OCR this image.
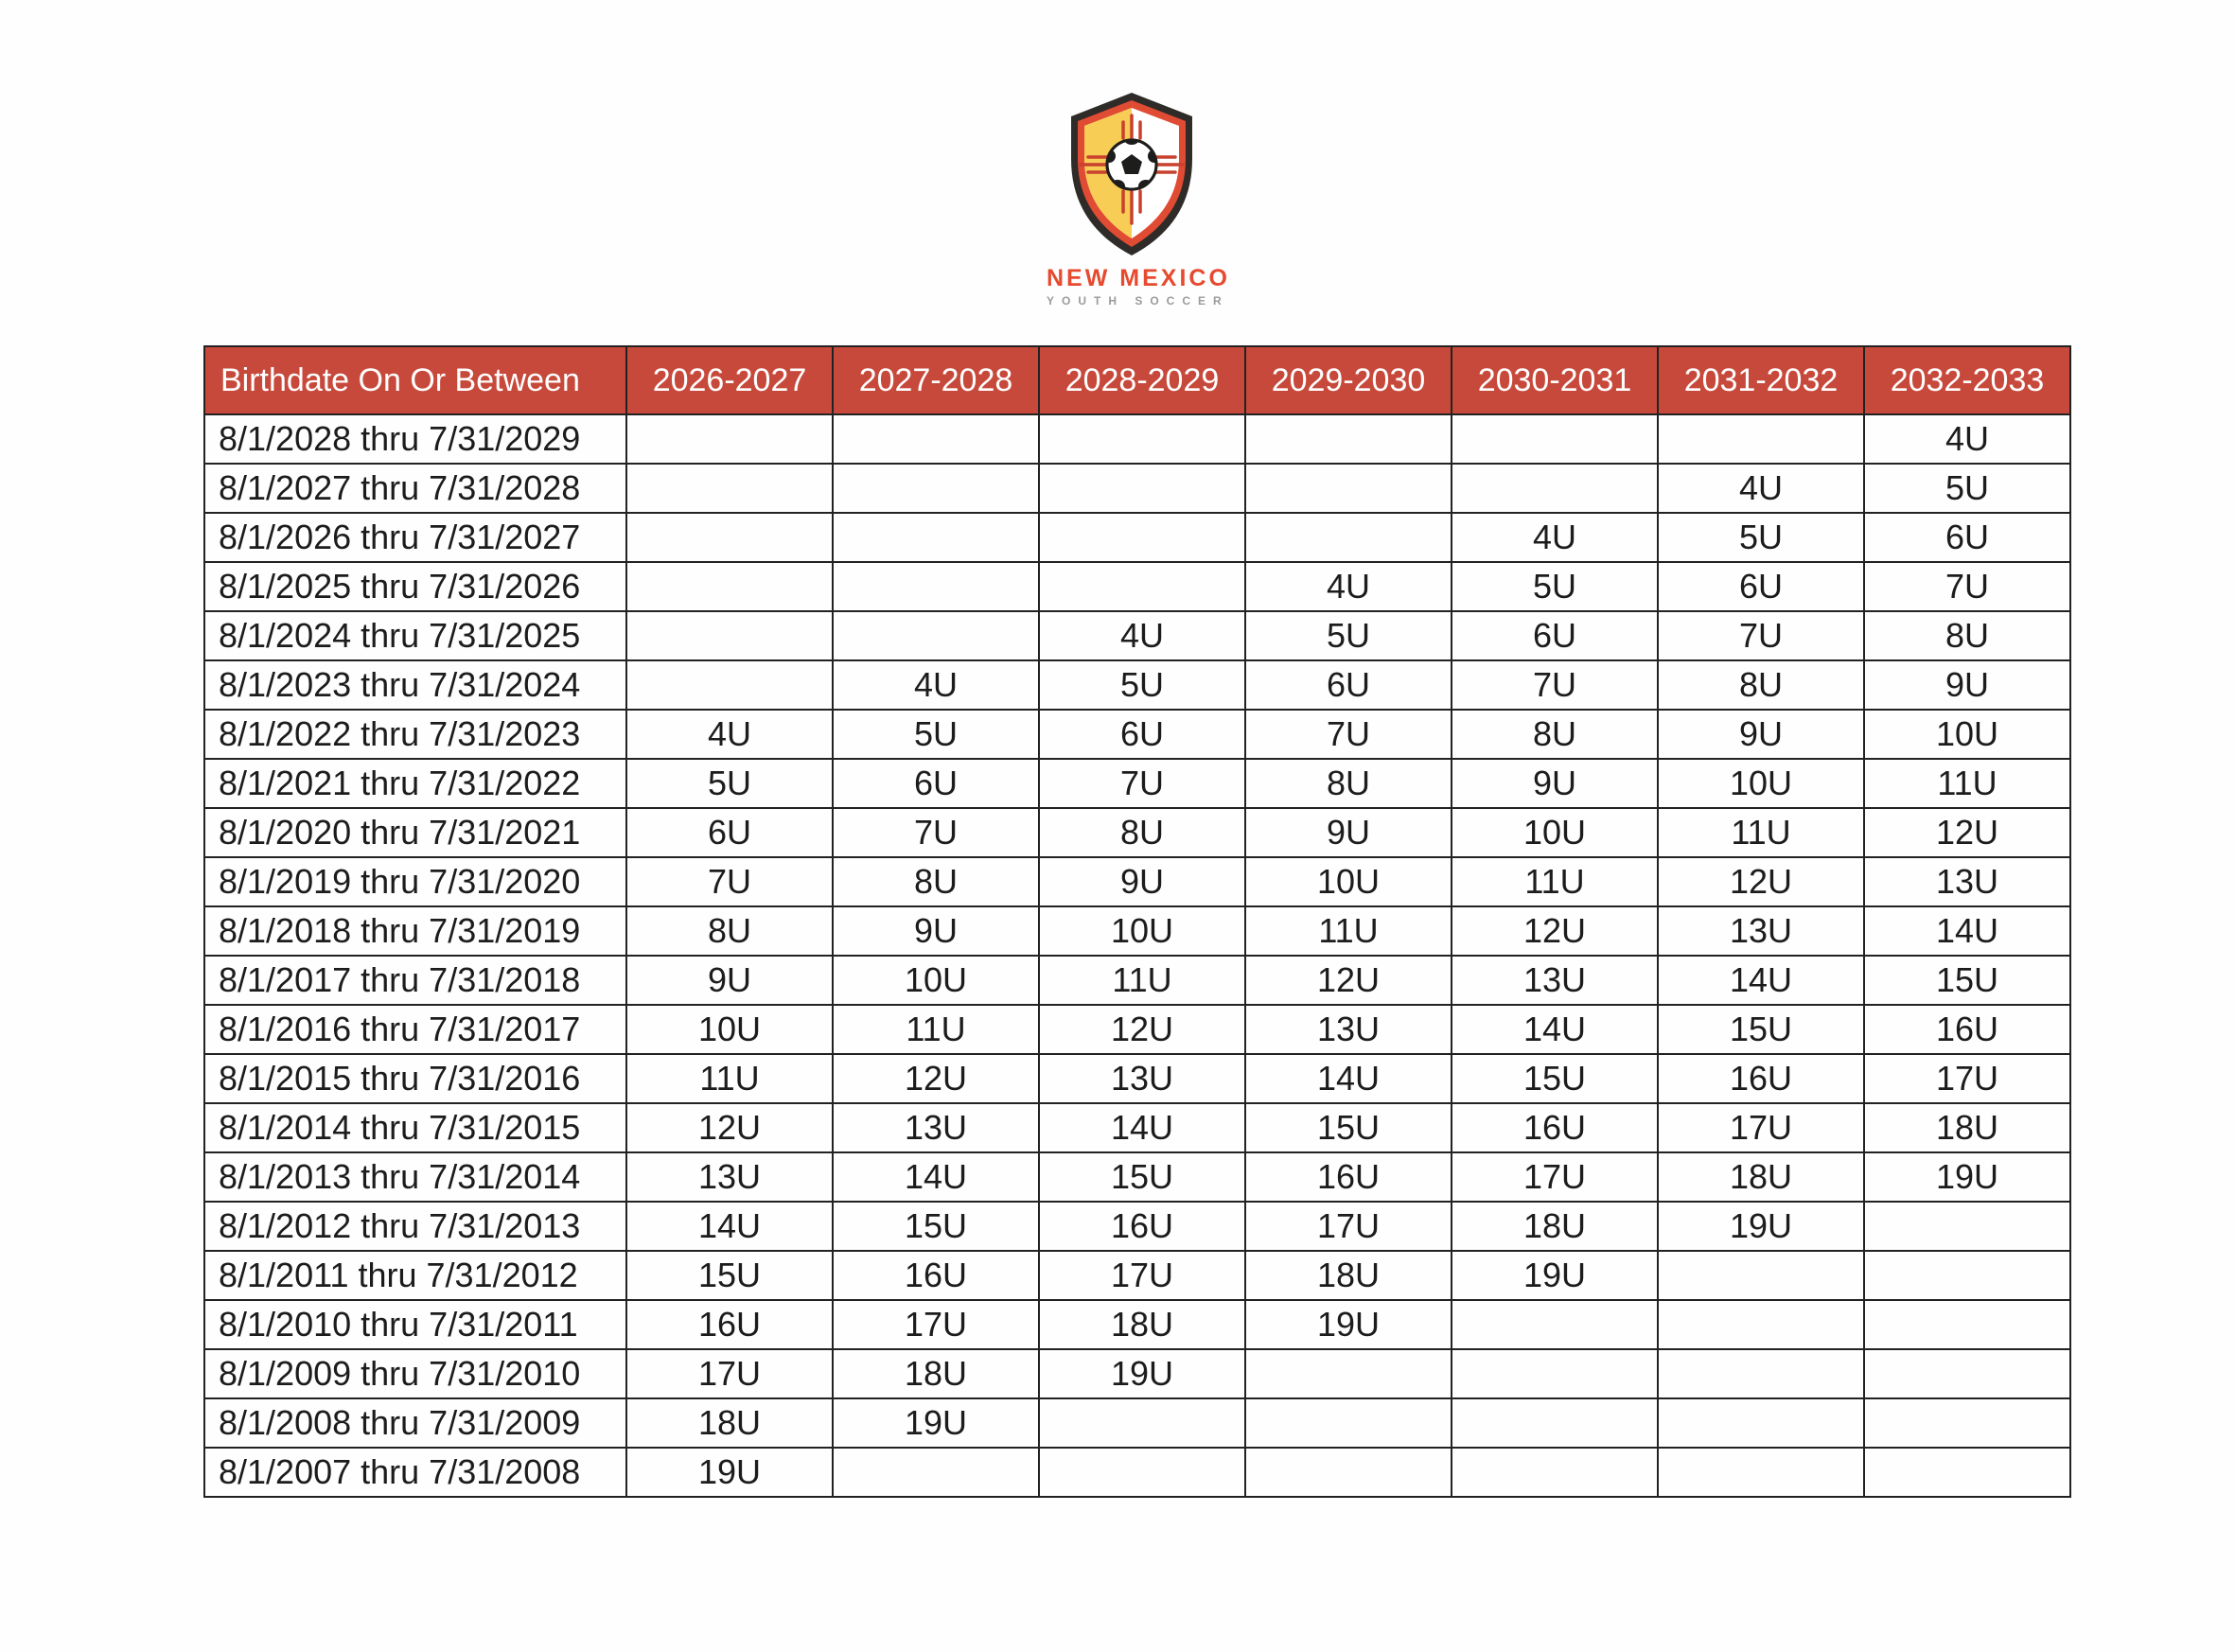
NEW MEXICO
YOUTH SOCCER
Birthdate On Or Between	2026-2027	2027-2028	2028-2029	2029-2030	2030-2031	2031-2032	2032-2033
8/1/2028 thru 7/31/2029							4U
8/1/2027 thru 7/31/2028						4U	5U
8/1/2026 thru 7/31/2027					4U	5U	6U
8/1/2025 thru 7/31/2026				4U	5U	6U	7U
8/1/2024 thru 7/31/2025			4U	5U	6U	7U	8U
8/1/2023 thru 7/31/2024		4U	5U	6U	7U	8U	9U
8/1/2022 thru 7/31/2023	4U	5U	6U	7U	8U	9U	10U
8/1/2021 thru 7/31/2022	5U	6U	7U	8U	9U	10U	11U
8/1/2020 thru 7/31/2021	6U	7U	8U	9U	10U	11U	12U
8/1/2019 thru 7/31/2020	7U	8U	9U	10U	11U	12U	13U
8/1/2018 thru 7/31/2019	8U	9U	10U	11U	12U	13U	14U
8/1/2017 thru 7/31/2018	9U	10U	11U	12U	13U	14U	15U
8/1/2016 thru 7/31/2017	10U	11U	12U	13U	14U	15U	16U
8/1/2015 thru 7/31/2016	11U	12U	13U	14U	15U	16U	17U
8/1/2014 thru 7/31/2015	12U	13U	14U	15U	16U	17U	18U
8/1/2013 thru 7/31/2014	13U	14U	15U	16U	17U	18U	19U
8/1/2012 thru 7/31/2013	14U	15U	16U	17U	18U	19U	
8/1/2011 thru 7/31/2012	15U	16U	17U	18U	19U		
8/1/2010 thru 7/31/2011	16U	17U	18U	19U			
8/1/2009 thru 7/31/2010	17U	18U	19U				
8/1/2008 thru 7/31/2009	18U	19U					
8/1/2007 thru 7/31/2008	19U						
